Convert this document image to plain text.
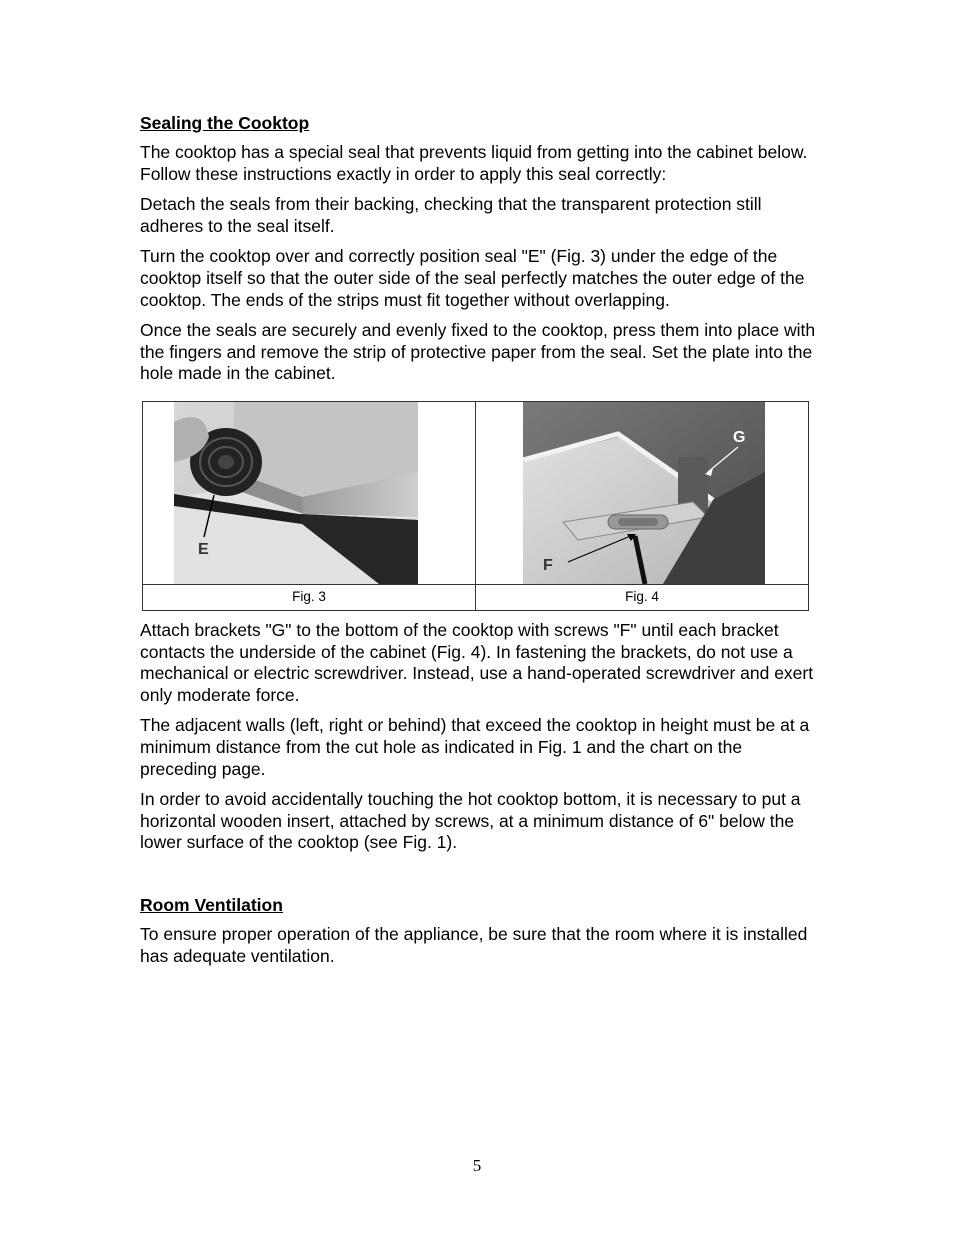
Sealing the Cooktop

The cooktop has a special seal that prevents liquid from getting into the cabinet below. Follow these instructions exactly in order to apply this seal correctly:

Detach the seals from their backing, checking that the transparent protection still adheres to the seal itself.

Turn the cooktop over and correctly position seal "E" (Fig. 3) under the edge of the cooktop itself so that the outer side of the seal perfectly matches the outer edge of the cooktop. The ends of the strips must fit together without overlapping.

Once the seals are securely and evenly fixed to the cooktop, press them into place with the fingers and remove the strip of protective paper from the seal. Set the plate into the hole made in the cabinet.

E
G
F
Fig. 3	Fig. 4

Attach brackets "G" to the bottom of the cooktop with screws "F" until each bracket contacts the underside of the cabinet (Fig. 4). In fastening the brackets, do not use a mechanical or electric screwdriver. Instead, use a hand-operated screwdriver and exert only moderate force.

The adjacent walls (left, right or behind) that exceed the cooktop in height must be at a minimum distance from the cut hole as indicated in Fig. 1 and the chart on the preceding page.

In order to avoid accidentally touching the hot cooktop bottom, it is necessary to put a horizontal wooden insert, attached by screws, at a minimum distance of 6" below the lower surface of the cooktop (see Fig. 1).

Room Ventilation

To ensure proper operation of the appliance, be sure that the room where it is installed has adequate ventilation.

5
